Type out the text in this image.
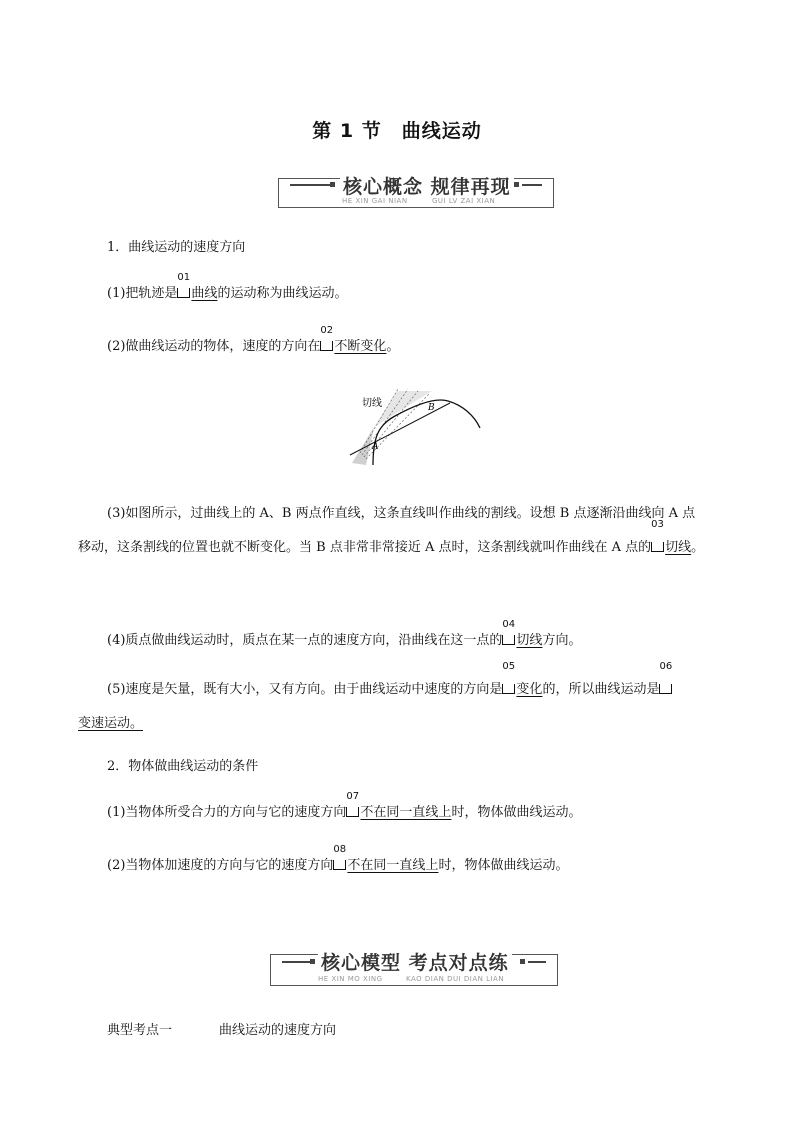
第 1 节　曲线运动
核心概念 规律再现
HE XIN GAI NIAN	GUI LV ZAI XIAN
1．曲线运动的速度方向
(1)把轨迹是
01
曲线的运动称为曲线运动。
(2)做曲线运动的物体，速度的方向在
02
不断变化。
切线
A
B
(3)如图所示，过曲线上的 A、B 两点作直线，这条直线叫作曲线的割线。设想 B 点逐渐沿曲线向 A 点
移动，这条割线的位置也就不断变化。当 B 点非常非常接近 A 点时，这条割线就叫作曲线在 A 点的
03
切线。
(4)质点做曲线运动时，质点在某一点的速度方向，沿曲线在这一点的
04
切线方向。
(5)速度是矢量，既有大小，又有方向。由于曲线运动中速度的方向是
05
变化的，所以曲线运动是
06
变速运动。
2．物体做曲线运动的条件
(1)当物体所受合力的方向与它的速度方向
07
不在同一直线上时，物体做曲线运动。
(2)当物体加速度的方向与它的速度方向
08
不在同一直线上时，物体做曲线运动。
核心模型 考点对点练
HE XIN MO XING	KAO DIAN DUI DIAN LIAN
典型考点一	曲线运动的速度方向
